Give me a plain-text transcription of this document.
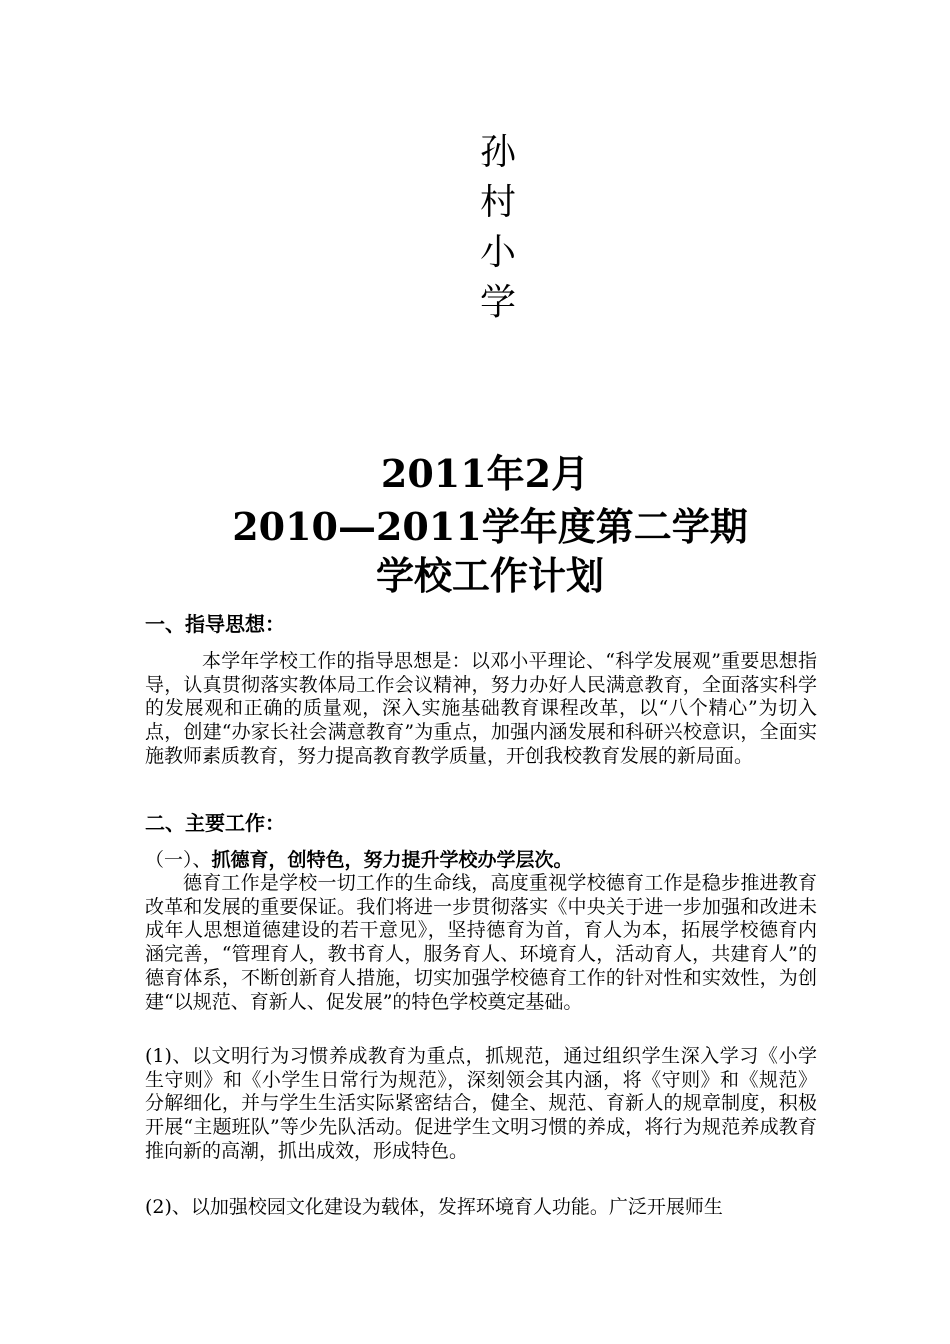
孙
村
小
学
2011年2月
2010—2011学年度第二学期
学校工作计划
一、指导思想：
本学年学校工作的指导思想是：以邓小平理论、“科学发展观”重要思想指导，认真贯彻落实教体局工作会议精神，努力办好人民满意教育，全面落实科学的发展观和正确的质量观，深入实施基础教育课程改革，以“八个精心”为切入点，创建“办家长社会满意教育”为重点，加强内涵发展和科研兴校意识，全面实施教师素质教育，努力提高教育教学质量，开创我校教育发展的新局面。
二、主要工作：
（一）、抓德育，创特色，努力提升学校办学层次。
德育工作是学校一切工作的生命线，高度重视学校德育工作是稳步推进教育改革和发展的重要保证。我们将进一步贯彻落实《中央关于进一步加强和改进未成年人思想道德建设的若干意见》，坚持德育为首，育人为本，拓展学校德育内涵完善，“管理育人，教书育人，服务育人、环境育人，活动育人，共建育人”的德育体系，不断创新育人措施，切实加强学校德育工作的针对性和实效性，为创建“以规范、育新人、促发展”的特色学校奠定基础。
(1)、以文明行为习惯养成教育为重点，抓规范，通过组织学生深入学习《小学生守则》和《小学生日常行为规范》，深刻领会其内涵，将《守则》和《规范》分解细化，并与学生生活实际紧密结合，健全、规范、育新人的规章制度，积极开展“主题班队”等少先队活动。促进学生文明习惯的养成，将行为规范养成教育推向新的高潮，抓出成效，形成特色。
(2)、以加强校园文化建设为载体，发挥环境育人功能。广泛开展师生
